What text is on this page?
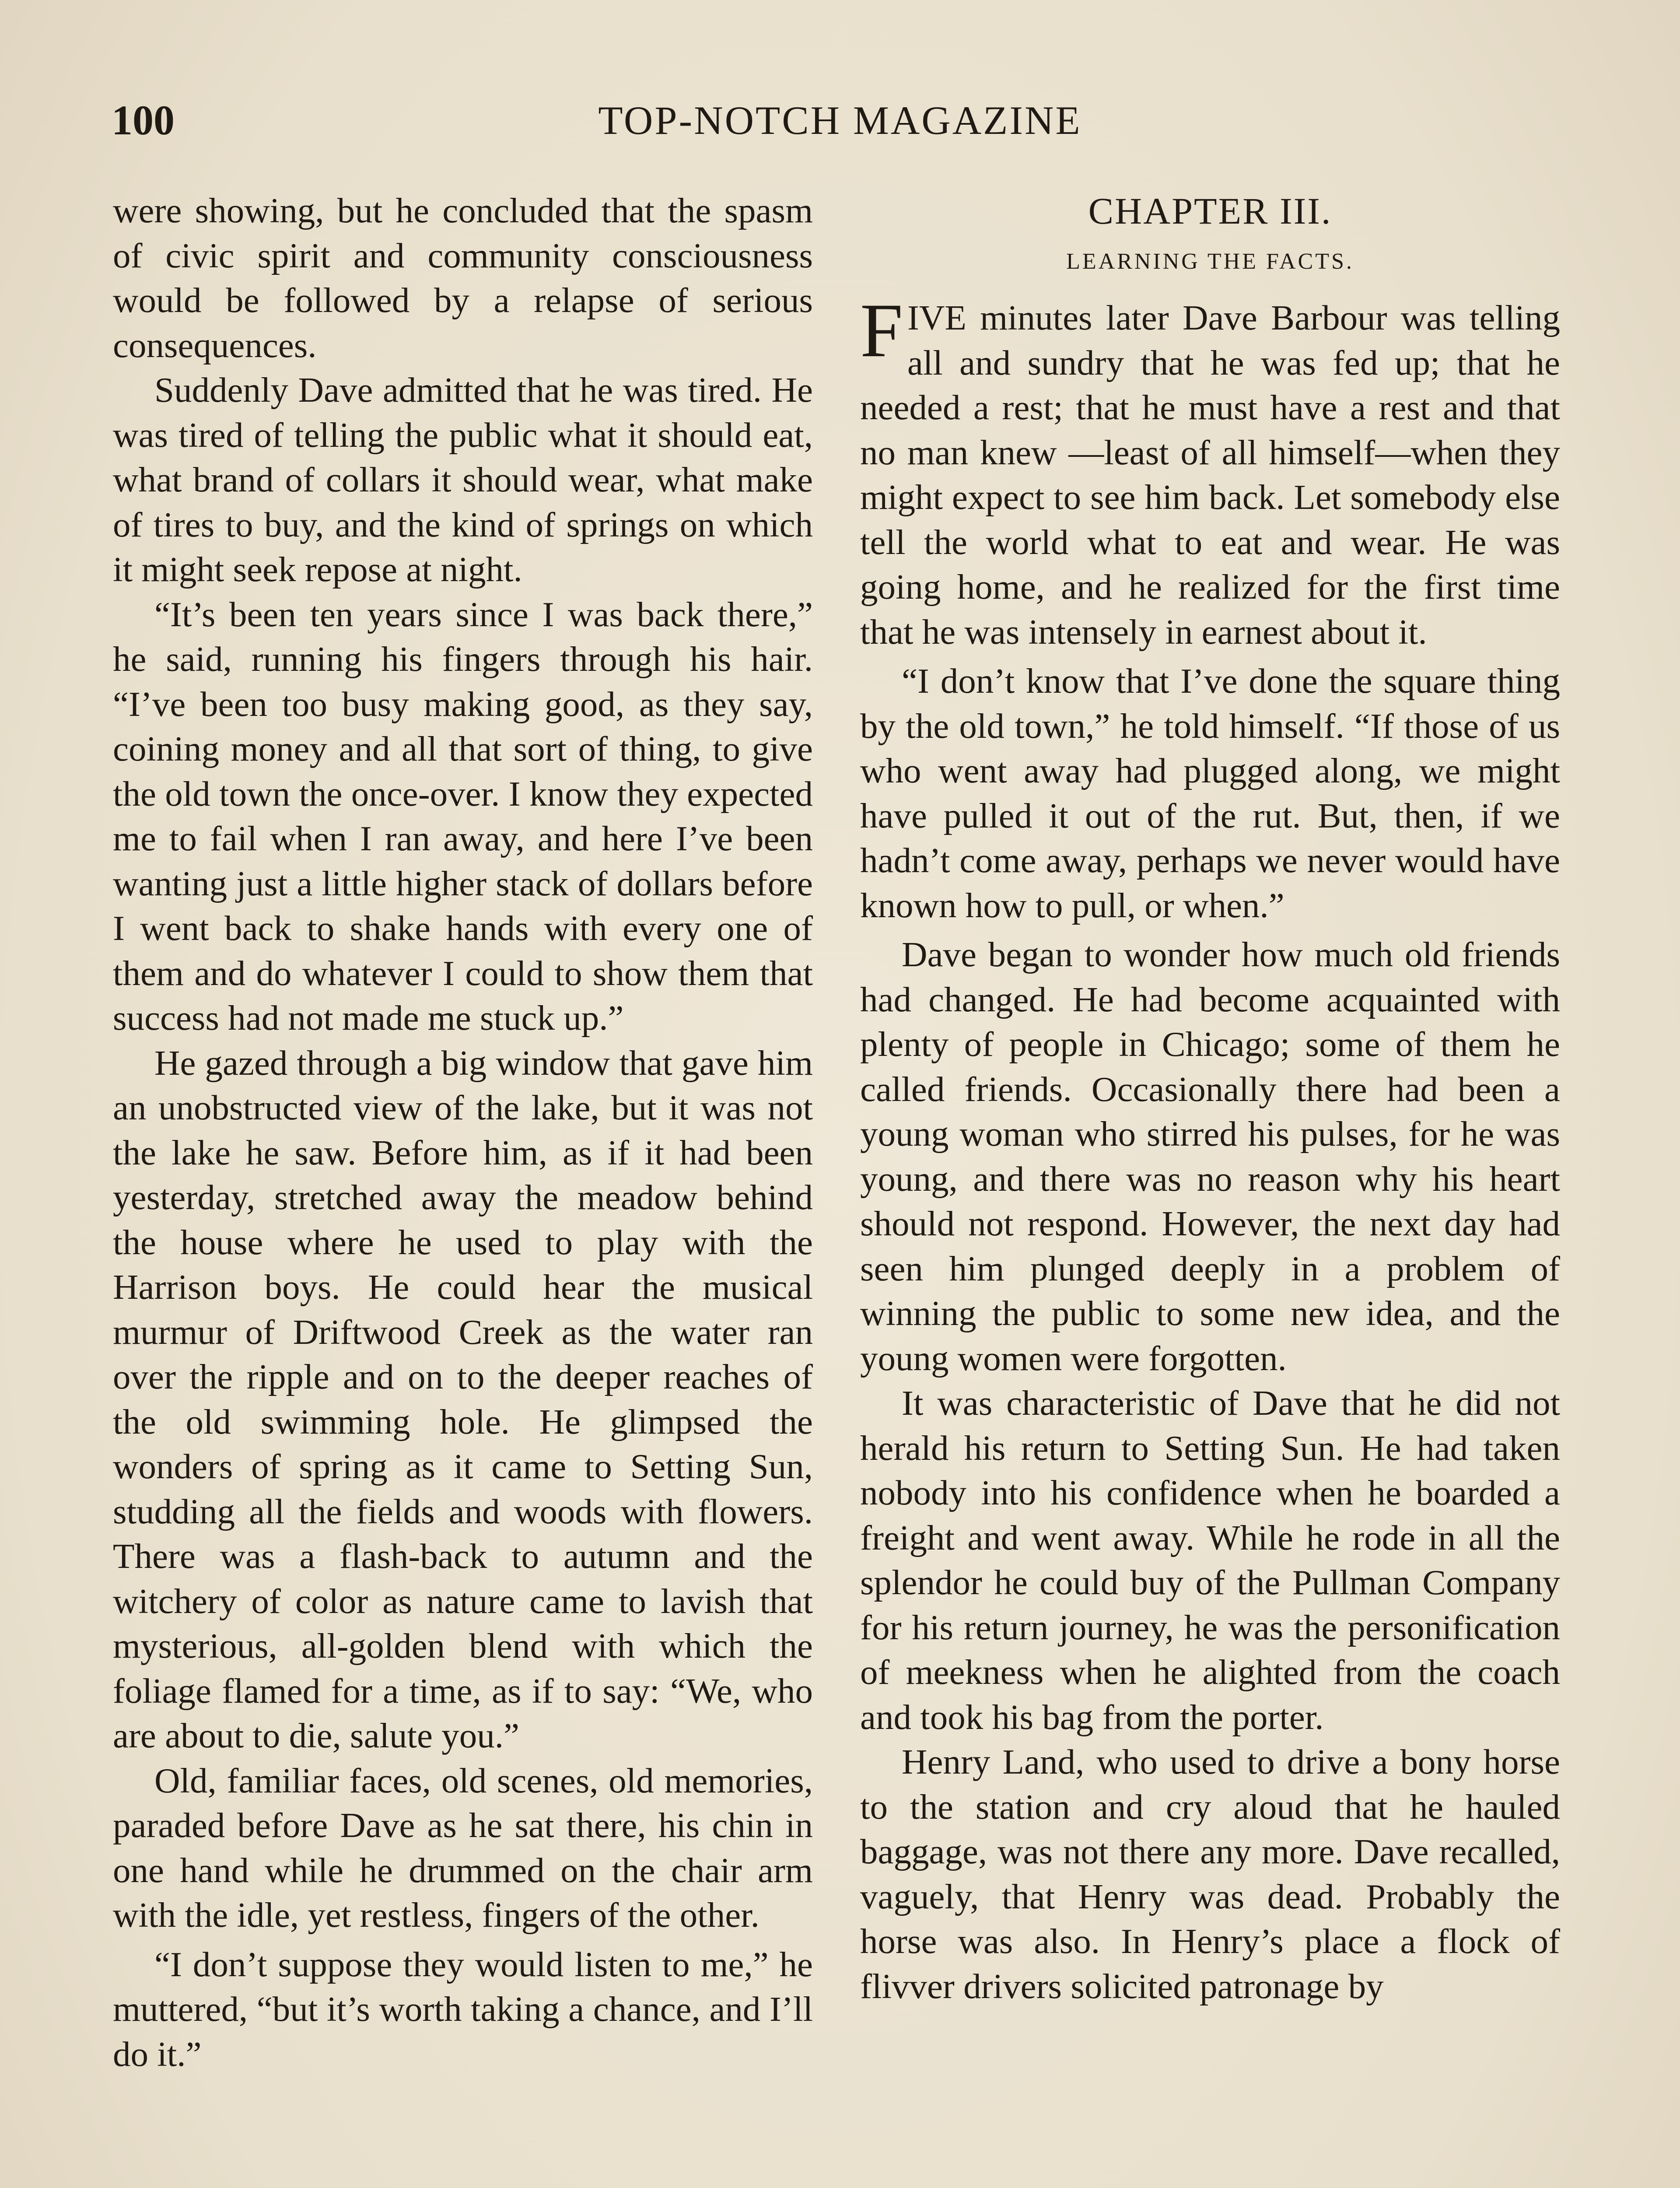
100	TOP-NOTCH MAGAZINE

were showing, but he concluded that the spasm of civic spirit and community consciousness would be followed by a relapse of serious consequences.

Suddenly Dave admitted that he was tired. He was tired of telling the public what it should eat, what brand of collars it should wear, what make of tires to buy, and the kind of springs on which it might seek repose at night.

“It’s been ten years since I was back there,” he said, running his fingers through his hair. “I’ve been too busy making good, as they say, coining money and all that sort of thing, to give the old town the once-over. I know they expected me to fail when I ran away, and here I’ve been wanting just a little higher stack of dollars before I went back to shake hands with every one of them and do whatever I could to show them that success had not made me stuck up.”

He gazed through a big window that gave him an unobstructed view of the lake, but it was not the lake he saw. Before him, as if it had been yesterday, stretched away the meadow behind the house where he used to play with the Harrison boys. He could hear the musical murmur of Driftwood Creek as the water ran over the ripple and on to the deeper reaches of the old swimming hole. He glimpsed the wonders of spring as it came to Setting Sun, studding all the fields and woods with flowers. There was a flash-back to autumn and the witchery of color as nature came to lavish that mysterious, all-golden blend with which the foliage flamed for a time, as if to say: “We, who are about to die, salute you.”

Old, familiar faces, old scenes, old memories, paraded before Dave as he sat there, his chin in one hand while he drummed on the chair arm with the idle, yet restless, fingers of the other.

“I don’t suppose they would listen to me,” he muttered, “but it’s worth taking a chance, and I’ll do it.”

CHAPTER III.
LEARNING THE FACTS.

FIVE minutes later Dave Barbour was telling all and sundry that he was fed up; that he needed a rest; that he must have a rest and that no man knew —least of all himself—when they might expect to see him back. Let somebody else tell the world what to eat and wear. He was going home, and he realized for the first time that he was intensely in earnest about it.

“I don’t know that I’ve done the square thing by the old town,” he told himself. “If those of us who went away had plugged along, we might have pulled it out of the rut. But, then, if we hadn’t come away, perhaps we never would have known how to pull, or when.”

Dave began to wonder how much old friends had changed. He had become acquainted with plenty of people in Chicago; some of them he called friends. Occasionally there had been a young woman who stirred his pulses, for he was young, and there was no reason why his heart should not respond. However, the next day had seen him plunged deeply in a problem of winning the public to some new idea, and the young women were forgotten.

It was characteristic of Dave that he did not herald his return to Setting Sun. He had taken nobody into his confidence when he boarded a freight and went away. While he rode in all the splendor he could buy of the Pullman Company for his return journey, he was the personification of meekness when he alighted from the coach and took his bag from the porter.

Henry Land, who used to drive a bony horse to the station and cry aloud that he hauled baggage, was not there any more. Dave recalled, vaguely, that Henry was dead. Probably the horse was also. In Henry’s place a flock of flivver drivers solicited patronage by
